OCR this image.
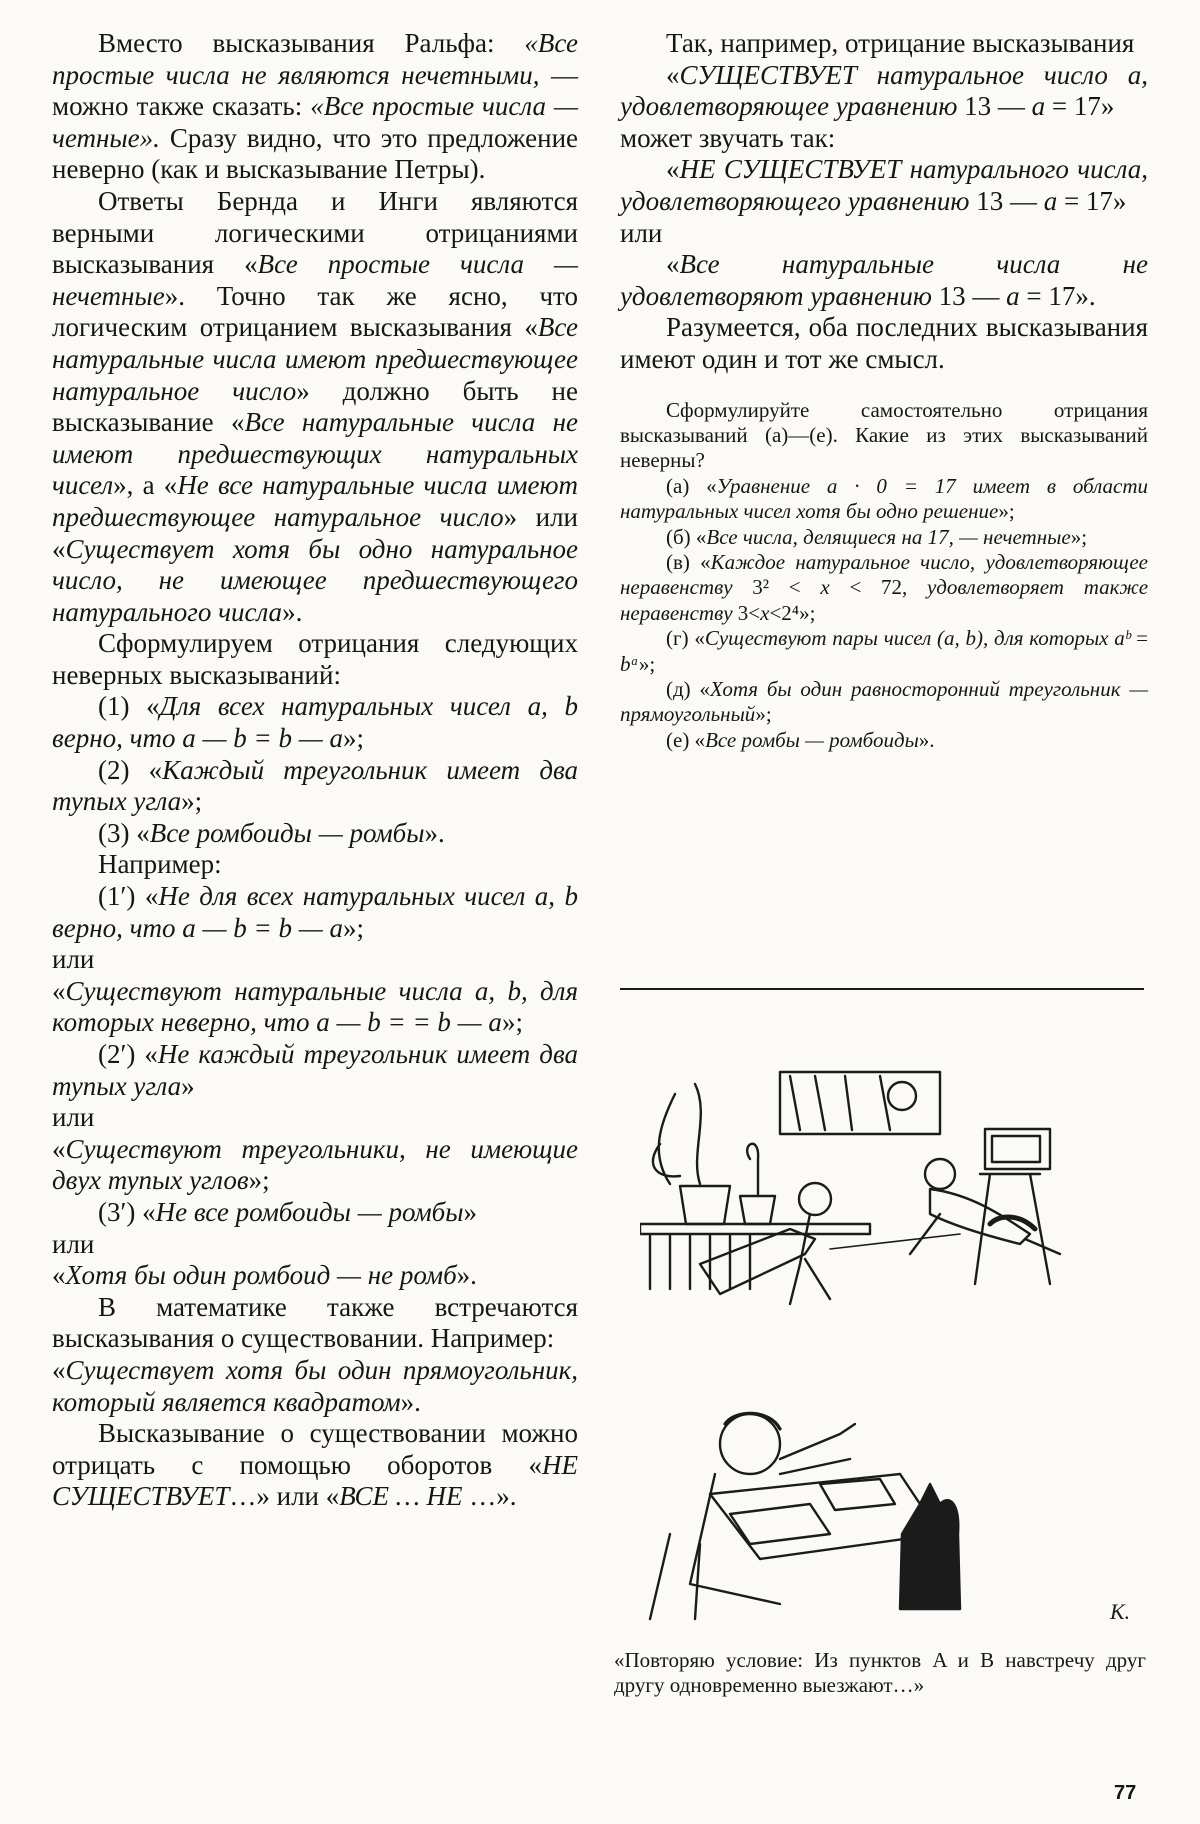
Вместо высказывания Ральфа: «Все простые числа не являются нечетными, — можно также сказать: «Все простые числа — четные». Сразу видно, что это предложение неверно (как и высказывание Петры).

Ответы Бернда и Инги являются верными логическими отрицаниями высказывания «Все простые числа — нечетные». Точно так же ясно, что логическим отрицанием высказывания «Все натуральные числа имеют предшествующее натуральное число» должно быть не высказывание «Все натуральные числа не имеют предшествующих натуральных чисел», а «Не все натуральные числа имеют предшествующее натуральное число» или «Существует хотя бы одно натуральное число, не имеющее предшествующего натурального числа».

Сформулируем отрицания следующих неверных высказываний:

(1) «Для всех натуральных чисел a, b верно, что a — b = b — a»;

(2) «Каждый треугольник имеет два тупых угла»;

(3) «Все ромбоиды — ромбы».

Например:

(1′) «Не для всех натуральных чисел a, b верно, что a — b = b — a»;

или

«Существуют натуральные числа a, b, для которых неверно, что a — b = = b — a»;

(2′) «Не каждый треугольник имеет два тупых угла»

или

«Существуют треугольники, не имеющие двух тупых углов»;

(3′) «Не все ромбоиды — ромбы»

или

«Хотя бы один ромбоид — не ромб».

В математике также встречаются высказывания о существовании. Например:

«Существует хотя бы один прямоугольник, который является квадратом».

Высказывание о существовании можно отрицать с помощью оборотов «НЕ СУЩЕСТВУЕТ…» или «ВСЕ … НЕ …».

Так, например, отрицание высказывания

«СУЩЕСТВУЕТ натуральное число a, удовлетворяющее уравнению 13 — a = 17»

может звучать так:

«НЕ СУЩЕСТВУЕТ натурального числа, удовлетворяющего уравнению 13 — a = 17»

или

«Все натуральные числа не удовлетворяют уравнению 13 — a = 17».

Разумеется, оба последних высказывания имеют один и тот же смысл.

Сформулируйте самостоятельно отрицания высказываний (а)—(е). Какие из этих высказываний неверны?

(а) «Уравнение a · 0 = 17 имеет в области натуральных чисел хотя бы одно решение»;

(б) «Все числа, делящиеся на 17, — нечетные»;

(в) «Каждое натуральное число, удовлетворяющее неравенству 3² < x < 72, удовлетворяет также неравенству 3<x<2⁴»;

(г) «Существуют пары чисел (a, b), для которых aᵇ = bᵃ»;

(д) «Хотя бы один равносторонний треугольник — прямоугольный»;

(е) «Все ромбы — ромбоиды».

K.

«Повторяю условие: Из пунктов A и B навстречу друг другу одновременно выезжают…»

77
